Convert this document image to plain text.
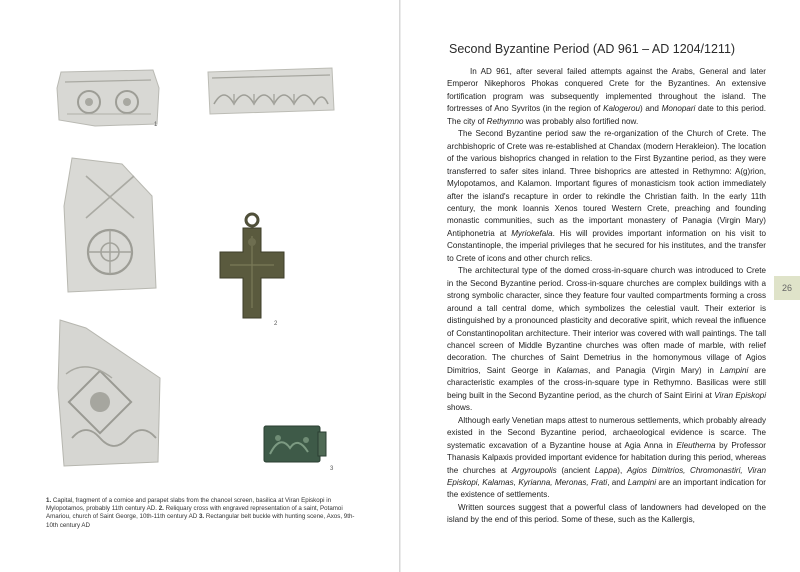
1
2
3
1. Capital, fragment of a cornice and parapet slabs from the chancel screen, basilica at Viran Episkopi in Mylopotamos, probably 11th century AD. 2. Reliquary cross with engraved representation of a saint, Potamoi Amariou, church of Saint George, 10th-11th century AD 3. Rectangular belt buckle with hunting scene, Axos, 9th-10th century AD
Second Byzantine Period (AD 961 – AD 1204/1211)

In AD 961, after several failed attempts against the Arabs, General and later Emperor Nikephoros Phokas conquered Crete for the Byzantines. An extensive fortification program was subsequently implemented throughout the island. The fortresses of Ano Syvritos (in the region of Kalogerou) and Monopari date to this period. The city of Rethymno was probably also fortified now.

The Second Byzantine period saw the re-organization of the Church of Crete. The archbishopric of Crete was re-established at Chandax (modern Herakleion). The location of the various bishoprics changed in relation to the First Byzantine period, as they were transferred to safer sites inland. Three bishoprics are attested in Rethymno: A(g)rion, Mylopotamos, and Kalamon. Important figures of monasticism took action immediately after the island's recapture in order to rekindle the Christian faith. In the early 11th century, the monk Ioannis Xenos toured Western Crete, preaching and founding monastic communities, such as the important monastery of Panagia (Virgin Mary) Antiphonetria at Myriokefala. His will provides important information on his visit to Constantinople, the imperial privileges that he secured for his institutes, and the transfer to Crete of icons and other church relics.

The architectural type of the domed cross-in-square church was introduced to Crete in the Second Byzantine period. Cross-in-square churches are complex buildings with a strong symbolic character, since they feature four vaulted compartments forming a cross around a tall central dome, which symbolizes the celestial vault. Their exterior is distinguished by a pronounced plasticity and decorative spirit, which reveal the influence of Constantinopolitan architecture. Their interior was covered with wall paintings. The tall chancel screen of Middle Byzantine churches was often made of marble, with relief decoration. The churches of Saint Demetrius in the homonymous village of Agios Dimitrios, Saint George in Kalamas, and Panagia (Virgin Mary) in Lampini are characteristic examples of the cross-in-square type in Rethymno. Basilicas were still being built in the Second Byzantine period, as the church of Saint Eirini at Viran Episkopi shows.

Although early Venetian maps attest to numerous settlements, which probably already existed in the Second Byzantine period, archaeological evidence is scarce. The systematic excavation of a Byzantine house at Agia Anna in Eleutherna by Professor Thanasis Kalpaxis provided important evidence for habitation during this period, whereas the churches at Argyroupolis (ancient Lappa), Agios Dimitrios, Chromonastiri, Viran Episkopi, Kalamas, Kyrianna, Meronas, Frati, and Lampini are an important indication for the existence of settlements.

Written sources suggest that a powerful class of landowners had developed on the island by the end of this period. Some of these, such as the Kallergis,

26
